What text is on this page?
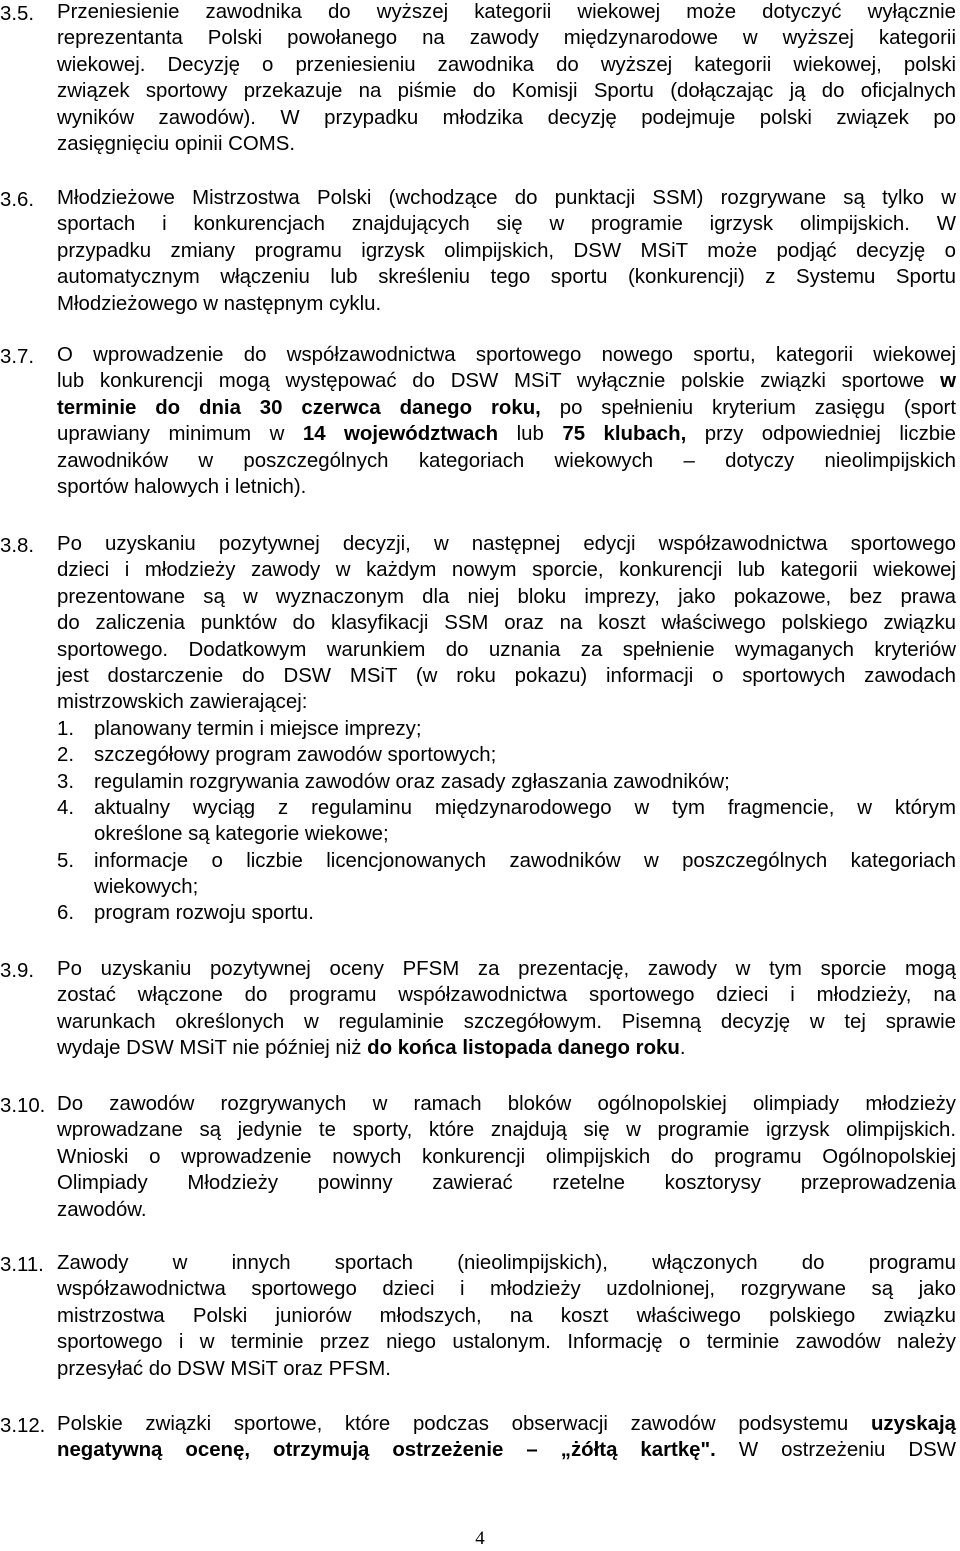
3.5. Przeniesienie zawodnika do wyższej kategorii wiekowej może dotyczyć wyłącznie
reprezentanta Polski powołanego na zawody międzynarodowe w wyższej kategorii
wiekowej. Decyzję o przeniesieniu zawodnika do wyższej kategorii wiekowej, polski
związek sportowy przekazuje na piśmie do Komisji Sportu (dołączając ją do oficjalnych
wyników zawodów). W przypadku młodzika decyzję podejmuje polski związek po
zasięgnięciu opinii COMS.
3.6. Młodzieżowe Mistrzostwa Polski (wchodzące do punktacji SSM) rozgrywane są tylko w
sportach i konkurencjach znajdujących się w programie igrzysk olimpijskich. W
przypadku zmiany programu igrzysk olimpijskich, DSW MSiT może podjąć decyzję o
automatycznym włączeniu lub skreśleniu tego sportu (konkurencji) z Systemu Sportu
Młodzieżowego w następnym cyklu.
3.7. O wprowadzenie do współzawodnictwa sportowego nowego sportu, kategorii wiekowej
lub konkurencji mogą występować do DSW MSiT wyłącznie polskie związki sportowe w
terminie do dnia 30 czerwca danego roku, po spełnieniu kryterium zasięgu (sport
uprawiany minimum w 14 województwach lub 75 klubach, przy odpowiedniej liczbie
zawodników w poszczególnych kategoriach wiekowych – dotyczy nieolimpijskich
sportów halowych i letnich).
3.8. Po uzyskaniu pozytywnej decyzji, w następnej edycji współzawodnictwa sportowego
dzieci i młodzieży zawody w każdym nowym sporcie, konkurencji lub kategorii wiekowej
prezentowane są w wyznaczonym dla niej bloku imprezy, jako pokazowe, bez prawa
do zaliczenia punktów do klasyfikacji SSM oraz na koszt właściwego polskiego związku
sportowego. Dodatkowym warunkiem do uznania za spełnienie wymaganych kryteriów
jest dostarczenie do DSW MSiT (w roku pokazu) informacji o sportowych zawodach
mistrzowskich zawierającej:
1. planowany termin i miejsce imprezy;
2. szczegółowy program zawodów sportowych;
3. regulamin rozgrywania zawodów oraz zasady zgłaszania zawodników;
4. aktualny wyciąg z regulaminu międzynarodowego w tym fragmencie, w którym
określone są kategorie wiekowe;
5. informacje o liczbie licencjonowanych zawodników w poszczególnych kategoriach
wiekowych;
6. program rozwoju sportu.
3.9. Po uzyskaniu pozytywnej oceny PFSM za prezentację, zawody w tym sporcie mogą
zostać włączone do programu współzawodnictwa sportowego dzieci i młodzieży, na
warunkach określonych w regulaminie szczegółowym. Pisemną decyzję w tej sprawie
wydaje DSW MSiT nie później niż do końca listopada danego roku.
3.10. Do zawodów rozgrywanych w ramach bloków ogólnopolskiej olimpiady młodzieży
wprowadzane są jedynie te sporty, które znajdują się w programie igrzysk olimpijskich.
Wnioski o wprowadzenie nowych konkurencji olimpijskich do programu Ogólnopolskiej
Olimpiady Młodzieży powinny zawierać rzetelne kosztorysy przeprowadzenia
zawodów.
3.11. Zawody w innych sportach (nieolimpijskich), włączonych do programu
współzawodnictwa sportowego dzieci i młodzieży uzdolnionej, rozgrywane są jako
mistrzostwa Polski juniorów młodszych, na koszt właściwego polskiego związku
sportowego i w terminie przez niego ustalonym. Informację o terminie zawodów należy
przesyłać do DSW MSiT oraz PFSM.
3.12. Polskie związki sportowe, które podczas obserwacji zawodów podsystemu uzyskają
negatywną ocenę, otrzymują ostrzeżenie – „żółtą kartkę". W ostrzeżeniu DSW
4
